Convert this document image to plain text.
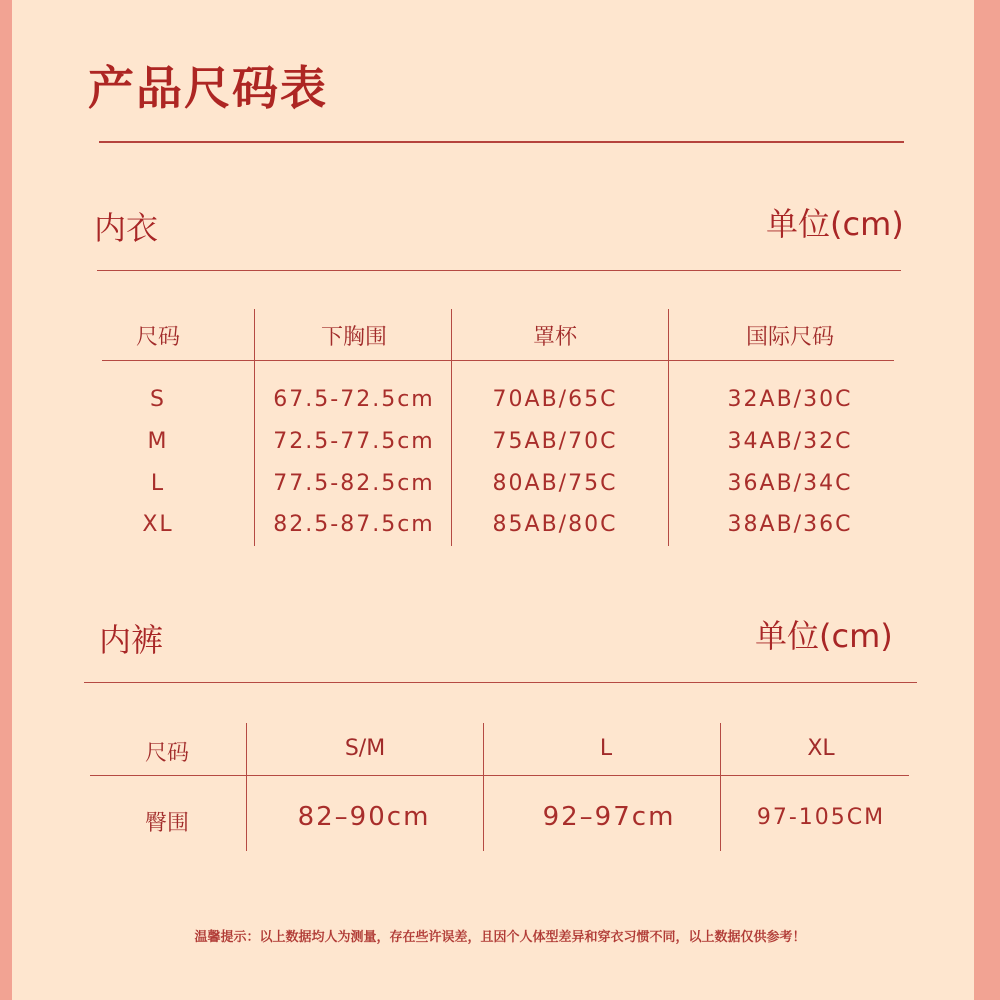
产品尺码表
内衣	单位(cm)
尺码	下胸围	罩杯	国际尺码
S	67.5-72.5cm	70AB/65C	32AB/30C
M	72.5-77.5cm	75AB/70C	34AB/32C
L	77.5-82.5cm	80AB/75C	36AB/34C
XL	82.5-87.5cm	85AB/80C	38AB/36C
内裤	单位(cm)
尺码	S/M	L	XL
臀围	82–90cm	92–97cm	97-105CM
温馨提示：以上数据均人为测量，存在些许误差，且因个人体型差异和穿衣习惯不同，以上数据仅供参考！
